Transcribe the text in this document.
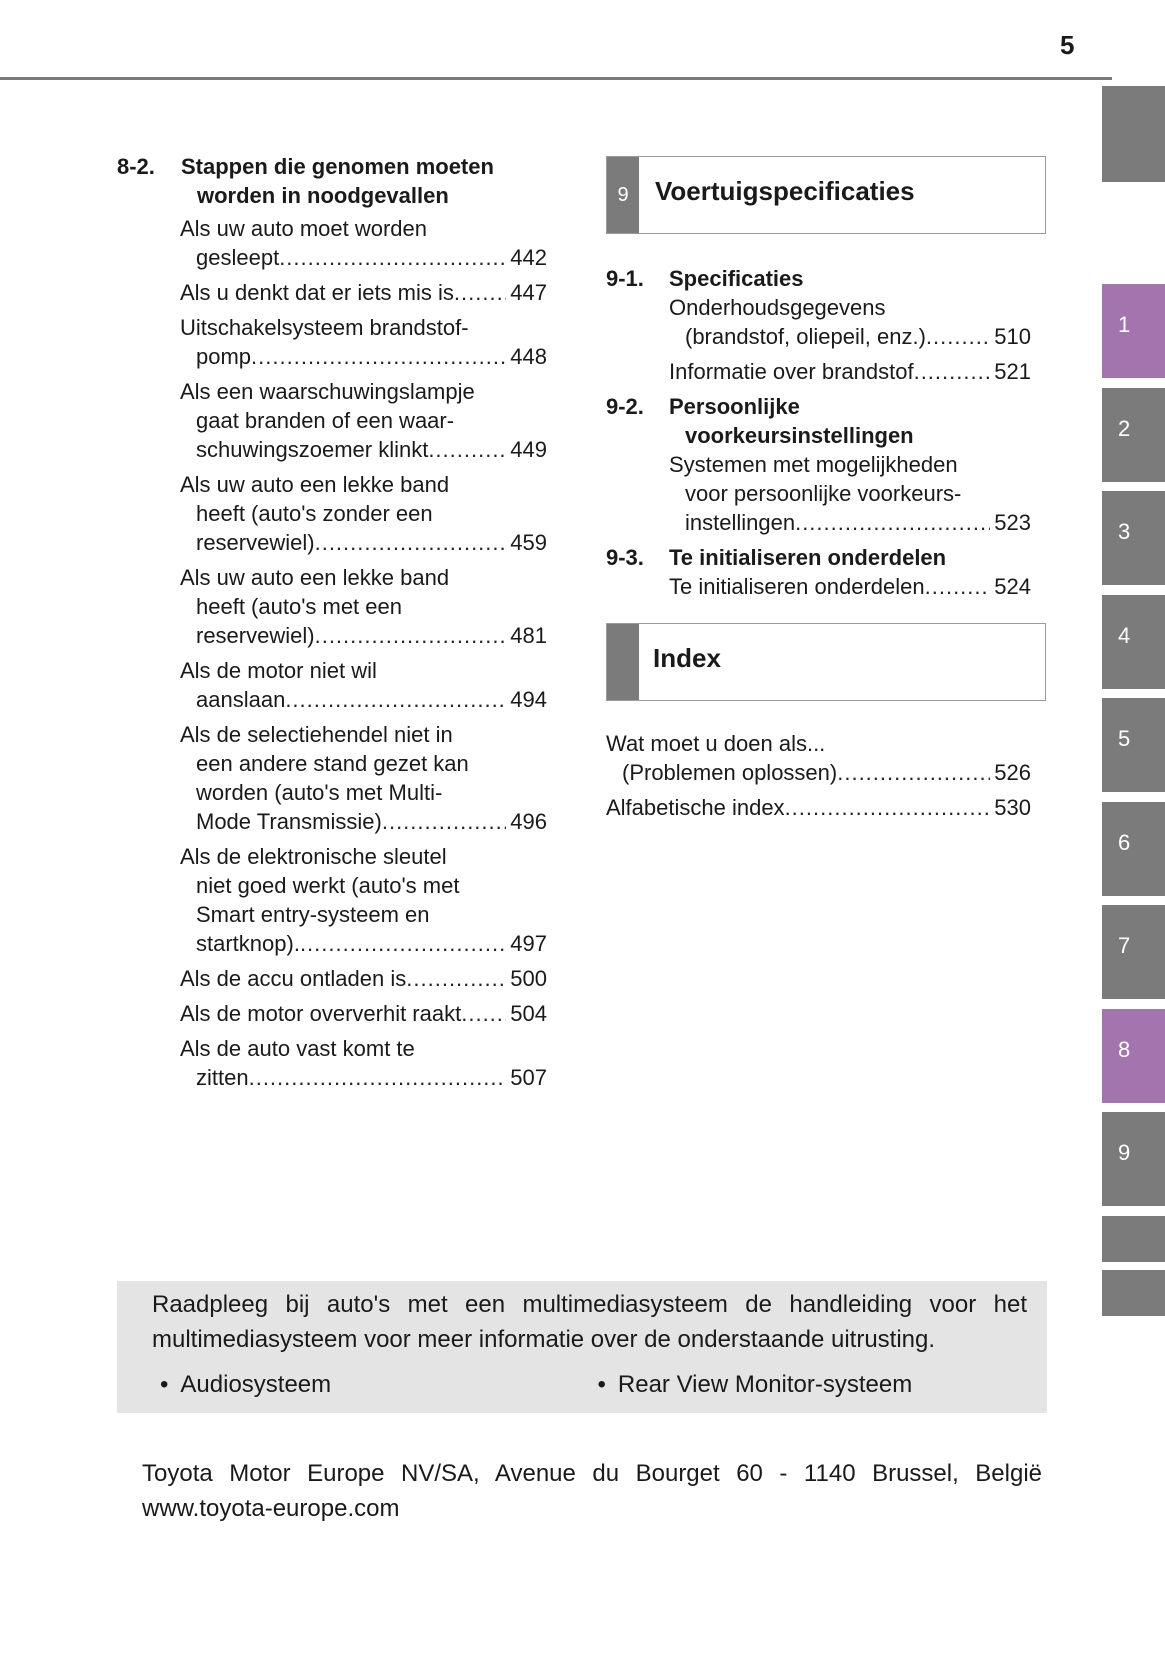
5
1
2
3
4
5
6
7
8
9
8-2.	Stappen die genomen moeten
worden in noodgevallen
Als uw auto moet worden
gesleept .....	442
Als u denkt dat er iets mis is .....	447
Uitschakelsysteem brandstof-
pomp .....	448
Als een waarschuwingslampje
gaat branden of een waar-
schuwingszoemer klinkt .....	449
Als uw auto een lekke band
heeft (auto's zonder een
reservewiel) .....	459
Als uw auto een lekke band
heeft (auto's met een
reservewiel) .....	481
Als de motor niet wil
aanslaan .....	494
Als de selectiehendel niet in
een andere stand gezet kan
worden (auto's met Multi-
Mode Transmissie) .....	496
Als de elektronische sleutel
niet goed werkt (auto's met
Smart entry-systeem en
startknop). .....	497
Als de accu ontladen is .....	500
Als de motor oververhit raakt ..... 504
Als de auto vast komt te
zitten .....	507
9	Voertuigspecificaties
9-1.	Specificaties
Onderhoudsgegevens
(brandstof, oliepeil, enz.) .....	510
Informatie over brandstof .....	521
9-2.	Persoonlijke
voorkeursinstellingen
Systemen met mogelijkheden
voor persoonlijke voorkeurs-
instellingen .....	523
9-3.	Te initialiseren onderdelen
Te initialiseren onderdelen .....	524
Index
Wat moet u doen als...
(Problemen oplossen) .....	526
Alfabetische index .....	530

Raadpleeg bij auto's met een multimediasysteem de handleiding voor het multimediasysteem voor meer informatie over de onderstaande uitrusting.

• Audiosysteem	• Rear View Monitor-systeem
Toyota Motor Europe NV/SA, Avenue du Bourget 60 - 1140 Brussel, België
www.toyota-europe.com
